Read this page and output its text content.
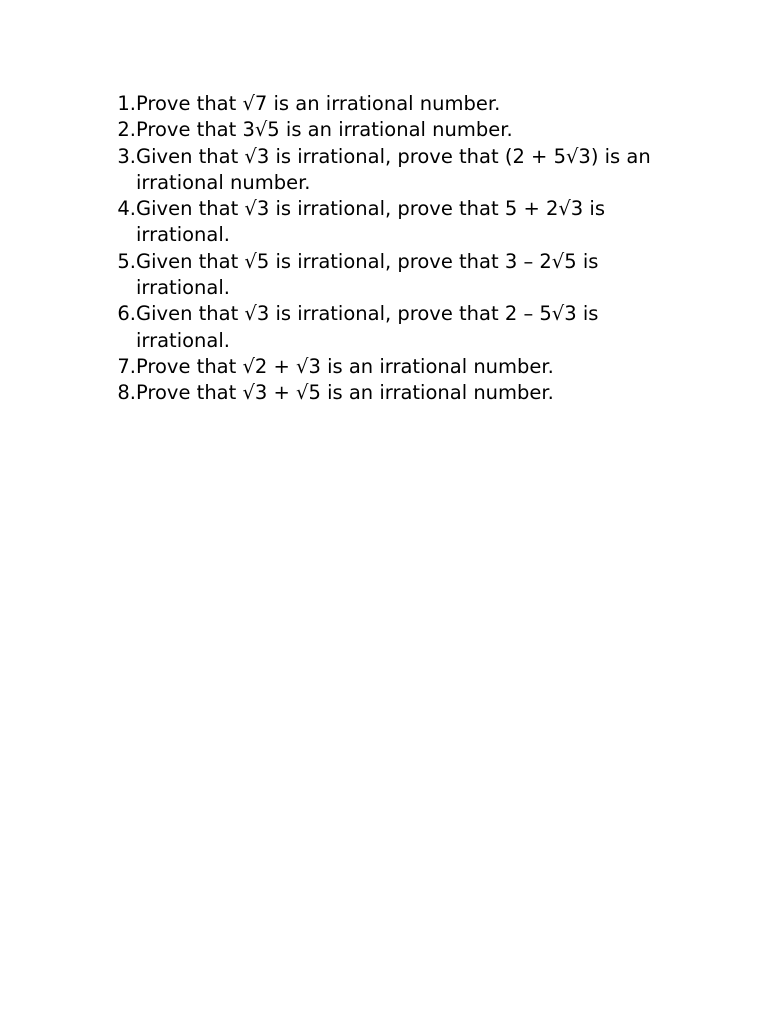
1. Prove that √7 is an irrational number.
2. Prove that 3√5 is an irrational number.
3. Given that √3 is irrational, prove that (2 + 5√3) is an irrational number.
4. Given that √3 is irrational, prove that 5 + 2√3 is irrational.
5. Given that √5 is irrational, prove that 3 – 2√5 is irrational.
6. Given that √3 is irrational, prove that 2 – 5√3 is irrational.
7. Prove that √2 + √3 is an irrational number.
8. Prove that √3 + √5 is an irrational number.
